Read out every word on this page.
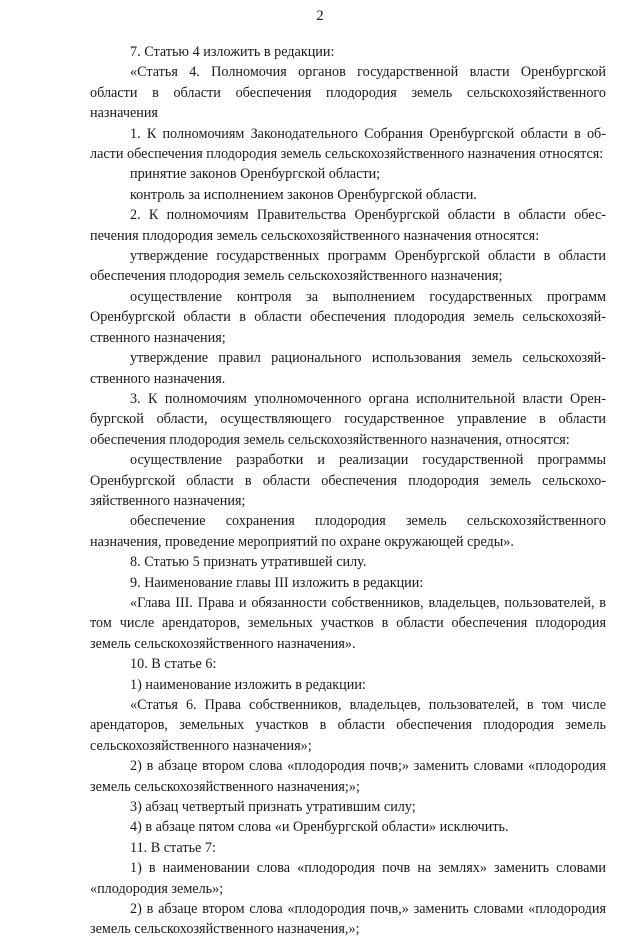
2

7. Статью 4 изложить в редакции:

«Статья 4. Полномочия органов государственной власти Оренбургской области в области обеспечения плодородия земель сельскохозяйственного назначения

1. К полномочиям Законодательного Собрания Оренбургской области в области обеспечения плодородия земель сельскохозяйственного назначения относятся:

принятие законов Оренбургской области;

контроль за исполнением законов Оренбургской области.

2. К полномочиям Правительства Оренбургской области в области обеспечения плодородия земель сельскохозяйственного назначения относятся:

утверждение государственных программ Оренбургской области в области обеспечения плодородия земель сельскохозяйственного назначения;

осуществление контроля за выполнением государственных программ Оренбургской области в области обеспечения плодородия земель сельскохозяйственного назначения;

утверждение правил рационального использования земель сельскохозяйственного назначения.

3. К полномочиям уполномоченного органа исполнительной власти Оренбургской области, осуществляющего государственное управление в области обеспечения плодородия земель сельскохозяйственного назначения, относятся:

осуществление разработки и реализации государственной программы Оренбургской области в области обеспечения плодородия земель сельскохозяйственного назначения;

обеспечение сохранения плодородия земель сельскохозяйственного назначения, проведение мероприятий по охране окружающей среды».

8. Статью 5 признать утратившей силу.

9. Наименование главы III изложить в редакции:

«Глава III. Права и обязанности собственников, владельцев, пользователей, в том числе арендаторов, земельных участков в области обеспечения плодородия земель сельскохозяйственного назначения».

10. В статье 6:

1) наименование изложить в редакции:

«Статья 6. Права собственников, владельцев, пользователей, в том числе арендаторов, земельных участков в области обеспечения плодородия земель сельскохозяйственного назначения»;

2) в абзаце втором слова «плодородия почв;» заменить словами «плодородия земель сельскохозяйственного назначения;»;

3) абзац четвертый признать утратившим силу;

4) в абзаце пятом слова «и Оренбургской области» исключить.

11. В статье 7:

1) в наименовании слова «плодородия почв на землях» заменить словами «плодородия земель»;

2) в абзаце втором слова «плодородия почв,» заменить словами «плодородия земель сельскохозяйственного назначения,»;
